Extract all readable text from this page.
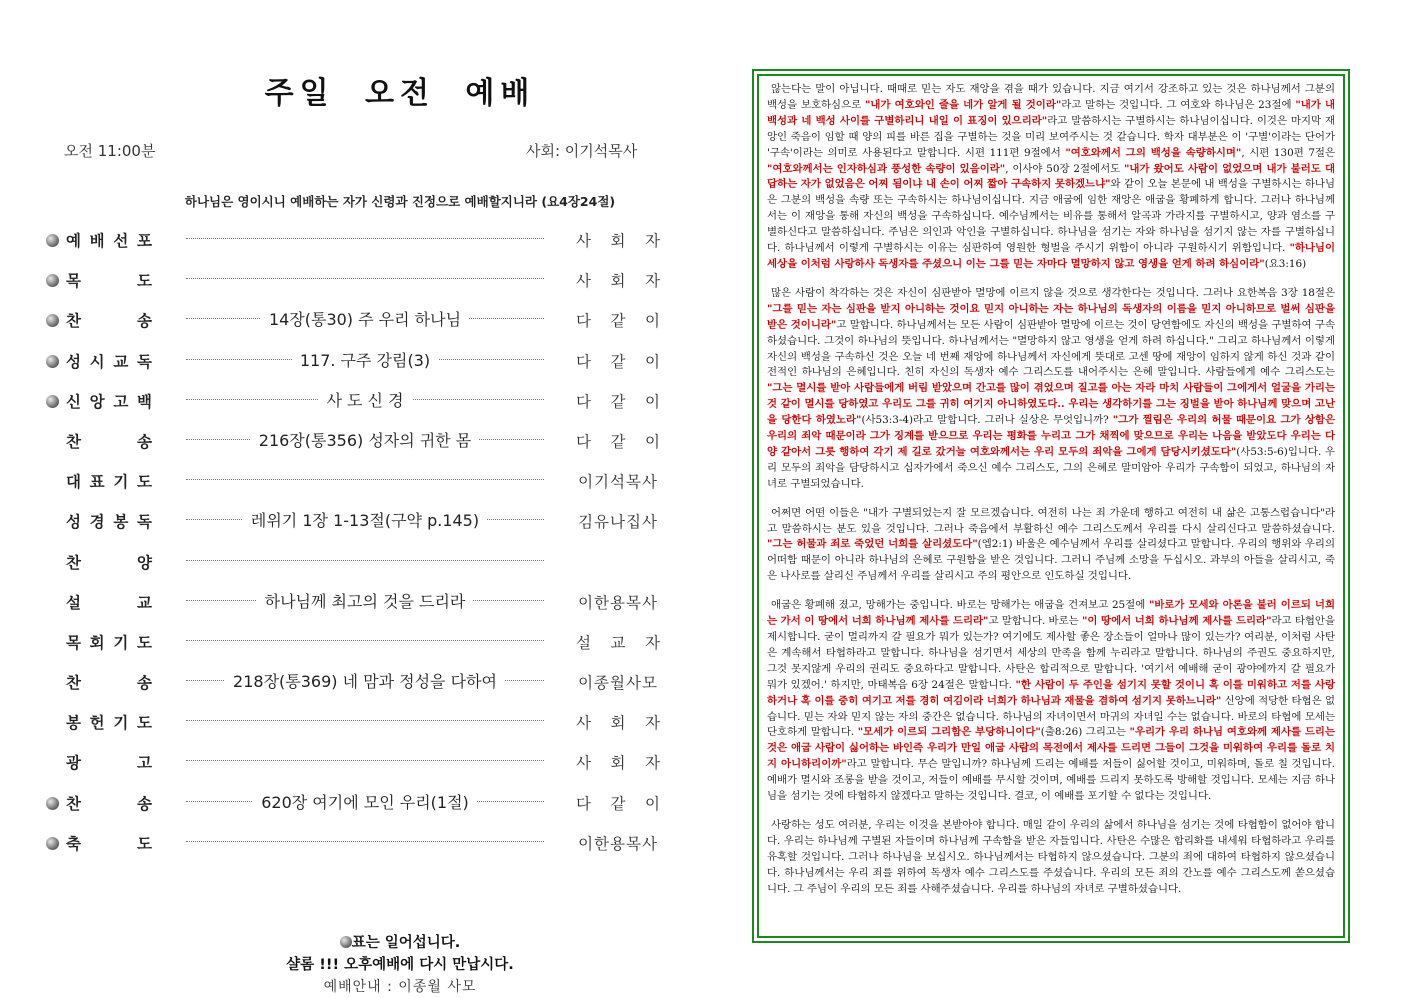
주일 오전 예배
오전 11:00분	사회: 이기석목사
하나님은 영이시니 예배하는 자가 신령과 진정으로 예배할지니라 (요4장24절)
예 배 선 포	사 회 자
목	도	사 회 자
찬	송	14장(통30) 주 우리 하나님	다 같 이
성 시 교 독	117. 구주 강림(3)	다 같 이
신 앙 고 백	사 도 신 경	다 같 이
찬	송	216장(통356) 성자의 귀한 몸	다 같 이
대 표 기 도	이기석목사
성 경 봉 독	레위기 1장 1-13절(구약 p.145)	김유나집사
찬	양
설	교	하나님께 최고의 것을 드리라	이한용목사
목 회 기 도	설 교 자
찬	송	218장(통369) 네 맘과 정성을 다하여	이종월사모
봉 헌 기 도	사 회 자
광	고	사 회 자
찬	송	620장 여기에 모인 우리(1절)	다 같 이
축	도	이한용목사
표는 일어섭니다.
샬롬 !!! 오후예배에 다시 만납시다.
예배안내 : 이종월 사모

않는다는 말이 아닙니다. 때때로 믿는 자도 재앙을 겪을 때가 있습니다. 지금 여기서 강조하고 있는 것은 하나님께서 그분의 백성을 보호하심으로 "내가 여호와인 줄을 네가 알게 될 것이라"라고 말하는 것입니다. 그 여호와 하나님은 23절에 "내가 내 백성과 네 백성 사이를 구별하리니 내일 이 표징이 있으리라"라고 말씀하시는 구별하시는 하나님이십니다. 이것은 마지막 재앙인 죽음이 임할 때 양의 피를 바른 집을 구별하는 것을 미리 보여주시는 것 같습니다. 학자 대부분은 이 '구별'이라는 단어가 '구속'이라는 의미로 사용된다고 말합니다. 시편 111편 9절에서 "여호와께서 그의 백성을 속량하시며", 시편 130편 7절은 "여호와께서는 인자하심과 풍성한 속량이 있음이라", 이사야 50장 2절에서도 "내가 왔어도 사람이 없었으며 내가 불러도 대답하는 자가 없었음은 어찌 됨이냐 내 손이 어찌 짧아 구속하지 못하겠느냐"와 같이 오늘 본문에 내 백성을 구별하시는 하나님은 그분의 백성을 속량 또는 구속하시는 하나님이십니다. 지금 애굽에 임한 재앙은 애굽을 황폐하게 합니다. 그러나 하나님께서는 이 재앙을 통해 자신의 백성을 구속하십니다. 예수님께서는 비유를 통해서 알곡과 가라지를 구별하시고, 양과 염소를 구별하신다고 말씀하십니다. 주님은 의인과 악인을 구별하십니다. 하나님을 섬기는 자와 하나님을 섬기지 않는 자를 구별하십니다. 하나님께서 이렇게 구별하시는 이유는 심판하여 영원한 형벌을 주시기 위함이 아니라 구원하시기 위함입니다. "하나님이 세상을 이처럼 사랑하사 독생자를 주셨으니 이는 그를 믿는 자마다 멸망하지 않고 영생을 얻게 하려 하심이라"(요3:16)

많은 사람이 착각하는 것은 자신이 심판받아 멸망에 이르지 않을 것으로 생각한다는 것입니다. 그러나 요한복음 3장 18절은 "그를 믿는 자는 심판을 받지 아니하는 것이요 믿지 아니하는 자는 하나님의 독생자의 이름을 믿지 아니하므로 벌써 심판을 받은 것이니라"고 말합니다. 하나님께서는 모든 사람이 심판받아 멸망에 이르는 것이 당연함에도 자신의 백성을 구별하여 구속하셨습니다. 그것이 하나님의 뜻입니다. 하나님께서는 "멸망하지 않고 영생을 얻게 하려 하십니다." 그리고 하나님께서 이렇게 자신의 백성을 구속하신 것은 오늘 네 번째 재앙에 하나님께서 자신에게 뜻대로 고센 땅에 재앙이 임하지 않게 하신 것과 같이 전적인 하나님의 은혜입니다. 친히 자신의 독생자 예수 그리스도를 내어주시는 은혜 말입니다. 사람들에게 예수 그리스도는 "그는 멸시를 받아 사람들에게 버림 받았으며 간고를 많이 겪었으며 질고를 아는 자라 마치 사람들이 그에게서 얼굴을 가리는 것 같이 멸시를 당하였고 우리도 그를 귀히 여기지 아니하였도다.. 우리는 생각하기를 그는 징벌을 받아 하나님께 맞으며 고난을 당한다 하였노라"(사53:3-4)라고 말합니다. 그러나 실상은 무엇입니까? "그가 찔림은 우리의 허물 때문이요 그가 상함은 우리의 죄악 때문이라 그가 징계를 받으므로 우리는 평화를 누리고 그가 채찍에 맞으므로 우리는 나음을 받았도다 우리는 다 양 같아서 그릇 행하여 각기 제 길로 갔거늘 여호와께서는 우리 모두의 죄악을 그에게 담당시키셨도다"(사53:5-6)입니다. 우리 모두의 죄악을 담당하시고 십자가에서 죽으신 예수 그리스도, 그의 은혜로 말미암아 우리가 구속함이 되었고, 하나님의 자녀로 구별되었습니다.

어쩌면 어떤 이들은 "내가 구별되었는지 잘 모르겠습니다. 여전히 나는 죄 가운데 행하고 여전히 내 삶은 고통스럽습니다"라고 말씀하시는 분도 있을 것입니다. 그러나 죽음에서 부활하신 예수 그리스도께서 우리를 다시 살리신다고 말씀하셨습니다. "그는 허물과 죄로 죽었던 너희를 살리셨도다"(엡2:1) 바울은 예수님께서 우리를 살리셨다고 말합니다. 우리의 행위와 우리의 어떠함 때문이 아니라 하나님의 은혜로 구원함을 받은 것입니다. 그러니 주님께 소망을 두십시오. 과부의 아들을 살리시고, 죽은 나사로를 살리신 주님께서 우리를 살리시고 주의 평안으로 인도하실 것입니다.

애굽은 황폐해 졌고, 망해가는 중입니다. 바로는 망해가는 애굽을 건져보고 25절에 "바로가 모세와 아론을 불러 이르되 너희는 가서 이 땅에서 너희 하나님께 제사를 드리라"고 말합니다. 바로는 "이 땅에서 너희 하나님께 제사를 드리라"라고 타협안을 제시합니다. 굳이 멀리까지 갈 필요가 뭐가 있는가? 여기에도 제사할 좋은 장소들이 얼마나 많이 있는가? 여리분, 이처럼 사탄은 계속해서 타협하라고 말합니다. 하나님을 섬기면서 세상의 만족을 함께 누리라고 말합니다. 하나님의 주권도 중요하지만, 그것 못지않게 우리의 권리도 중요하다고 말합니다. 사탄은 합리적으로 말합니다. '여기서 예배해 굳이 광야에까지 갈 필요가 뭐가 있겠어.' 하지만, 마태복음 6장 24절은 말합니다. "한 사람이 두 주인을 섬기지 못할 것이니 혹 이를 미워하고 저를 사랑하거나 혹 이를 중히 여기고 저를 경히 여김이라 너희가 하나님과 재물을 겸하여 섬기지 못하느니라" 신앙에 적당한 타협은 없습니다. 믿는 자와 믿지 않는 자의 중간은 없습니다. 하나님의 자녀이면서 마귀의 자녀일 수는 없습니다. 바로의 타협에 모세는 단호하게 말합니다. "모세가 이르되 그리함은 부당하니이다"(출8:26) 그리고는 "우리가 우리 하나님 여호와께 제사를 드리는 것은 애굽 사람이 싫어하는 바인즉 우리가 만일 애굽 사람의 목전에서 제사를 드리면 그들이 그것을 미워하여 우리를 돌로 치지 아니하리이까"라고 말합니다. 무슨 말입니까? 하나님께 드리는 예배를 저들이 싫어할 것이고, 미워하며, 돌로 칠 것입니다. 예배가 멸시와 조롱을 받을 것이고, 저들이 예배를 무시할 것이며, 예배를 드리지 못하도록 방해할 것입니다. 모세는 지금 하나님을 섬기는 것에 타협하지 않겠다고 말하는 것입니다. 결코, 이 예배를 포기할 수 없다는 것입니다.

사랑하는 성도 여러분, 우리는 이것을 본받아야 합니다. 매일 같이 우리의 삶에서 하나님을 섬기는 것에 타협함이 없어야 합니다. 우리는 하나님께 구별된 자들이며 하나님께 구속함을 받은 자들입니다. 사탄은 수많은 합리화를 내세워 타협하라고 우리를 유혹할 것입니다. 그러나 하나님을 보십시오. 하나님께서는 타협하지 않으셨습니다. 그분의 죄에 대하여 타협하지 않으셨습니다. 하나님께서는 우리 죄를 위하여 독생자 예수 그리스도를 주셨습니다. 우리의 모든 죄의 간노를 예수 그리스도께 쏟으셨습니다. 그 주님이 우리의 모든 죄를 사해주셨습니다. 우리를 하나님의 자녀로 구별하셨습니다.
